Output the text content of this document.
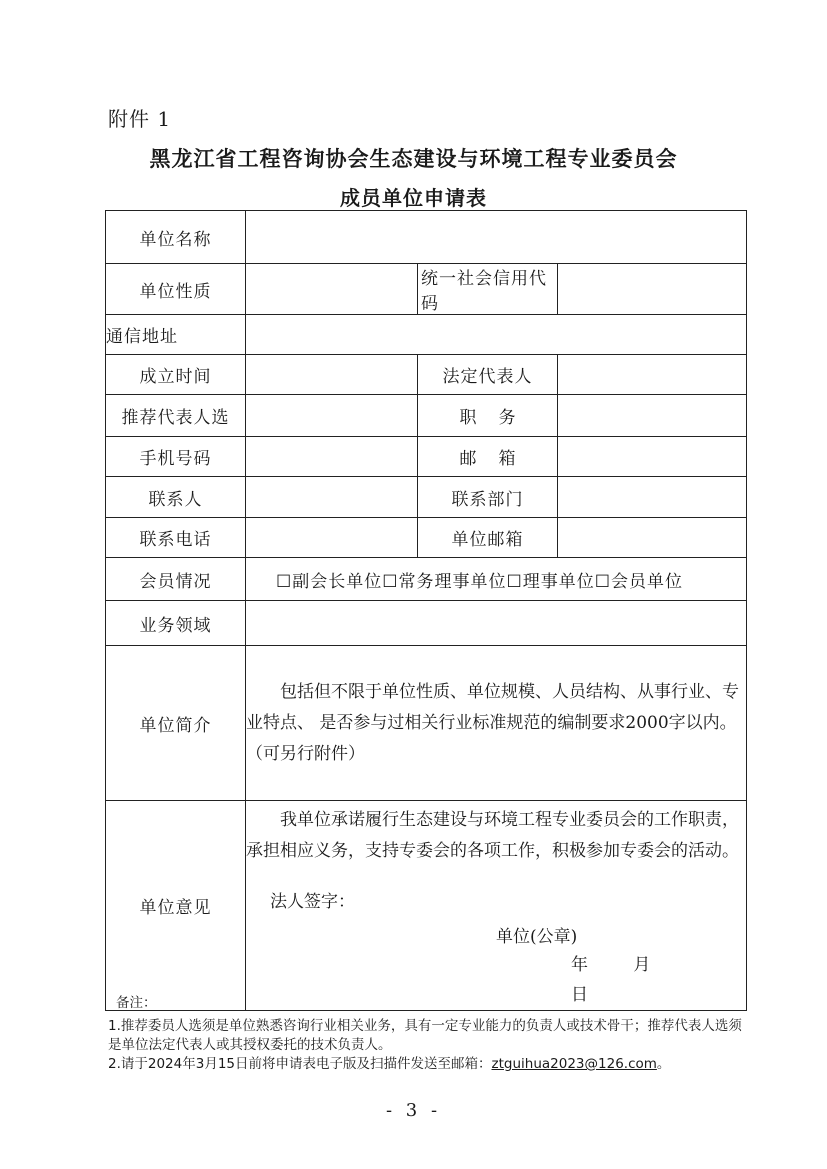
附件 1
黑龙江省工程咨询协会生态建设与环境工程专业委员会
成员单位申请表
单位名称			
单位性质		统一社会信用代码	
通信地址			
成立时间		法定代表人	
推荐代表人选		职务	
手机号码		邮箱	
联系人		联系部门	
联系电话		单位邮箱	
会员情况	☐副会长单位☐常务理事单位☐理事单位☐会员单位		
业务领域			
单位简介	包括但不限于单位性质、单位规模、人员结构、从事行业、专业特点、 是否参与过相关行业标准规范的编制要求2000字以内。（可另行附件）		

单位意见	我单位承诺履行生态建设与环境工程专业委员会的工作职责，承担相应义务，支持专委会的各项工作，积极参加专委会的活动。
法人签字：
单位(公章)
年 月 日		
备注：
1.推荐委员人选须是单位熟悉咨询行业相关业务，具有一定专业能力的负责人或技术骨干；推荐代表人选须是单位法定代表人或其授权委托的技术负责人。
2.请于2024年3月15日前将申请表电子版及扫描件发送至邮箱：ztguihua2023@126.com。
- 3 -
